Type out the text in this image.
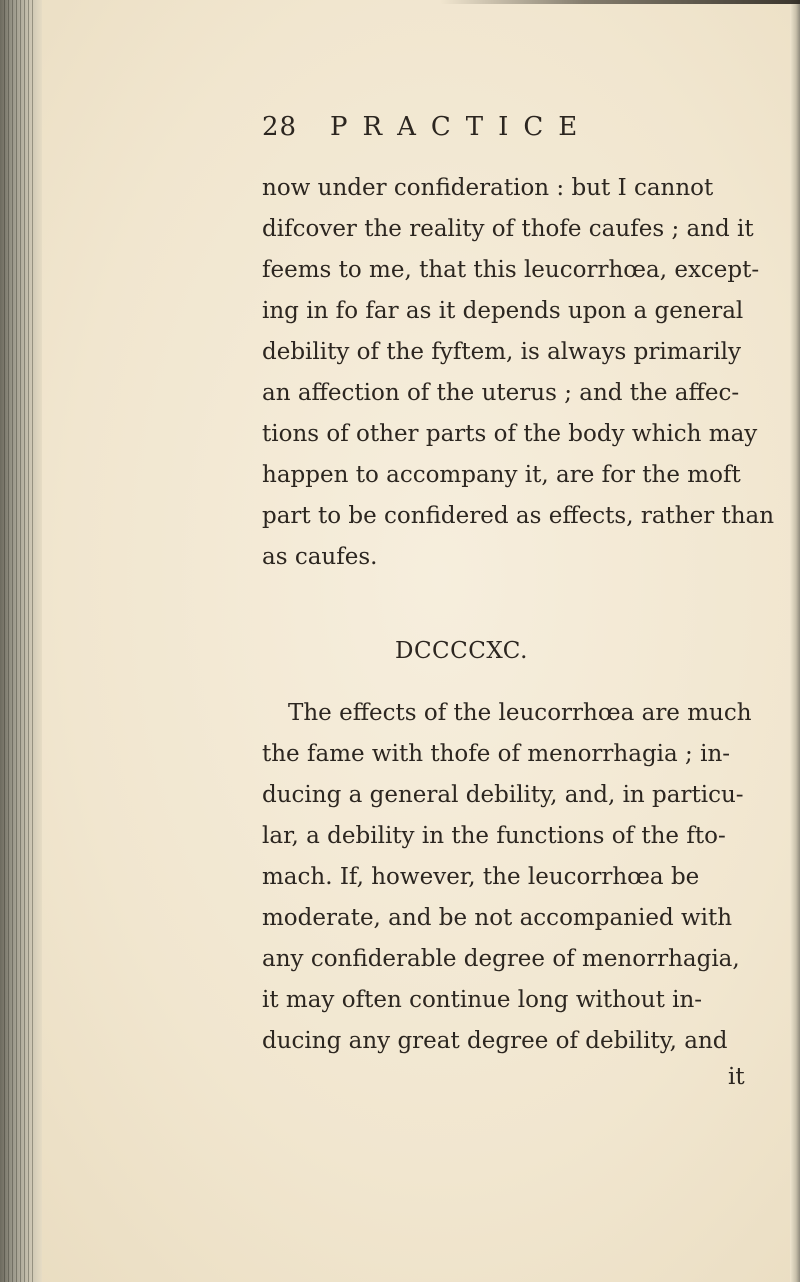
28 PRACTICE
now under confideration : but I cannot
difcover the reality of thofe caufes ; and it
feems to me, that this leucorrhœa, except-
ing in fo far as it depends upon a general
debility of the fyftem, is always primarily
an affection of the uterus ; and the affec-
tions of other parts of the body which may
happen to accompany it, are for the moft
part to be confidered as effects, rather than
as caufes.
DCCCCXC.
The effects of the leucorrhœa are much
the fame with thofe of menorrhagia ; in-
ducing a general debility, and, in particu-
lar, a debility in the functions of the fto-
mach. If, however, the leucorrhœa be
moderate, and be not accompanied with
any confiderable degree of menorrhagia,
it may often continue long without in-
ducing any great degree of debility, and
it
